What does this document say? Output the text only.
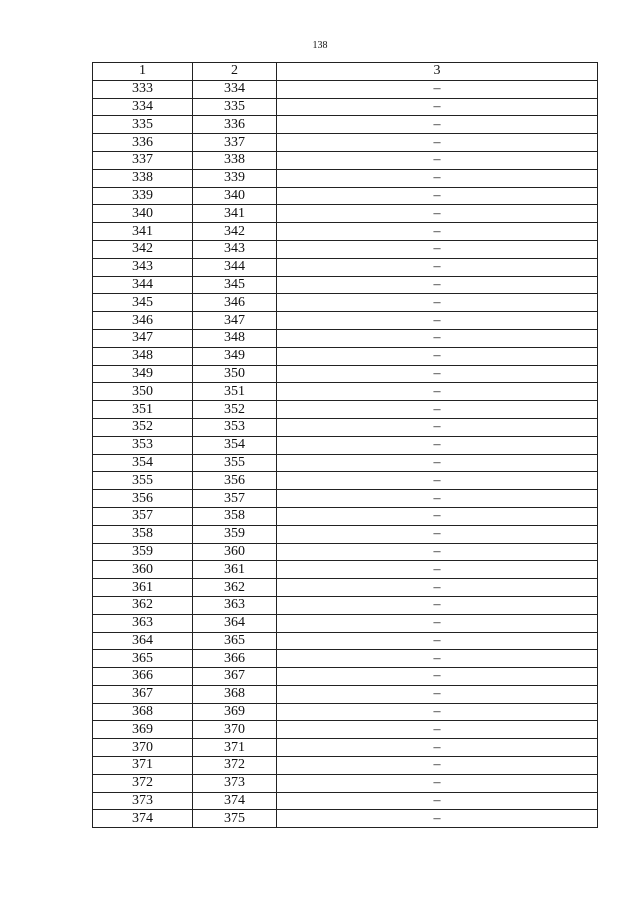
138
1	2	3
333	334	–
334	335	–
335	336	–
336	337	–
337	338	–
338	339	–
339	340	–
340	341	–
341	342	–
342	343	–
343	344	–
344	345	–
345	346	–
346	347	–
347	348	–
348	349	–
349	350	–
350	351	–
351	352	–
352	353	–
353	354	–
354	355	–
355	356	–
356	357	–
357	358	–
358	359	–
359	360	–
360	361	–
361	362	–
362	363	–
363	364	–
364	365	–
365	366	–
366	367	–
367	368	–
368	369	–
369	370	–
370	371	–
371	372	–
372	373	–
373	374	–
374	375	–
